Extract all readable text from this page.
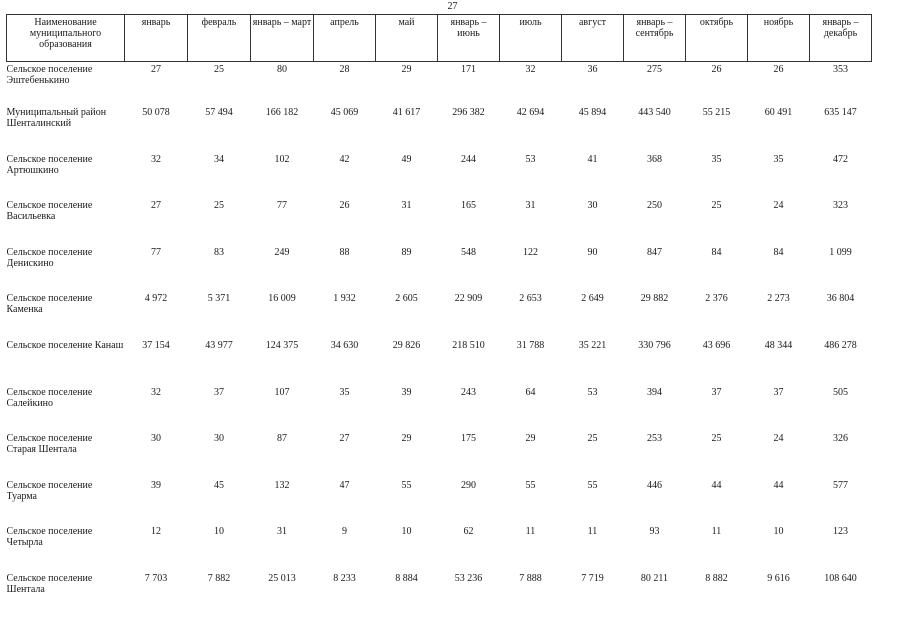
27
Наименование муниципального образования	январь	февраль	январь – март	апрель	май	январь – июнь	июль	август	январь – сентябрь	октябрь	ноябрь	январь – декабрь
Сельское поселение Эштебенькино	27	25	80	28	29	171	32	36	275	26	26	353
Муниципальный район Шенталинский	50 078	57 494	166 182	45 069	41 617	296 382	42 694	45 894	443 540	55 215	60 491	635 147
Сельское поселение Артюшкино	32	34	102	42	49	244	53	41	368	35	35	472
Сельское поселение Васильевка	27	25	77	26	31	165	31	30	250	25	24	323
Сельское поселение Денискино	77	83	249	88	89	548	122	90	847	84	84	1 099
Сельское поселение Каменка	4 972	5 371	16 009	1 932	2 605	22 909	2 653	2 649	29 882	2 376	2 273	36 804
Сельское поселение Канаш	37 154	43 977	124 375	34 630	29 826	218 510	31 788	35 221	330 796	43 696	48 344	486 278
Сельское поселение Салейкино	32	37	107	35	39	243	64	53	394	37	37	505
Сельское поселение Старая Шентала	30	30	87	27	29	175	29	25	253	25	24	326
Сельское поселение Туарма	39	45	132	47	55	290	55	55	446	44	44	577
Сельское поселение Четырла	12	10	31	9	10	62	11	11	93	11	10	123
Сельское поселение Шентала	7 703	7 882	25 013	8 233	8 884	53 236	7 888	7 719	80 211	8 882	9 616	108 640
